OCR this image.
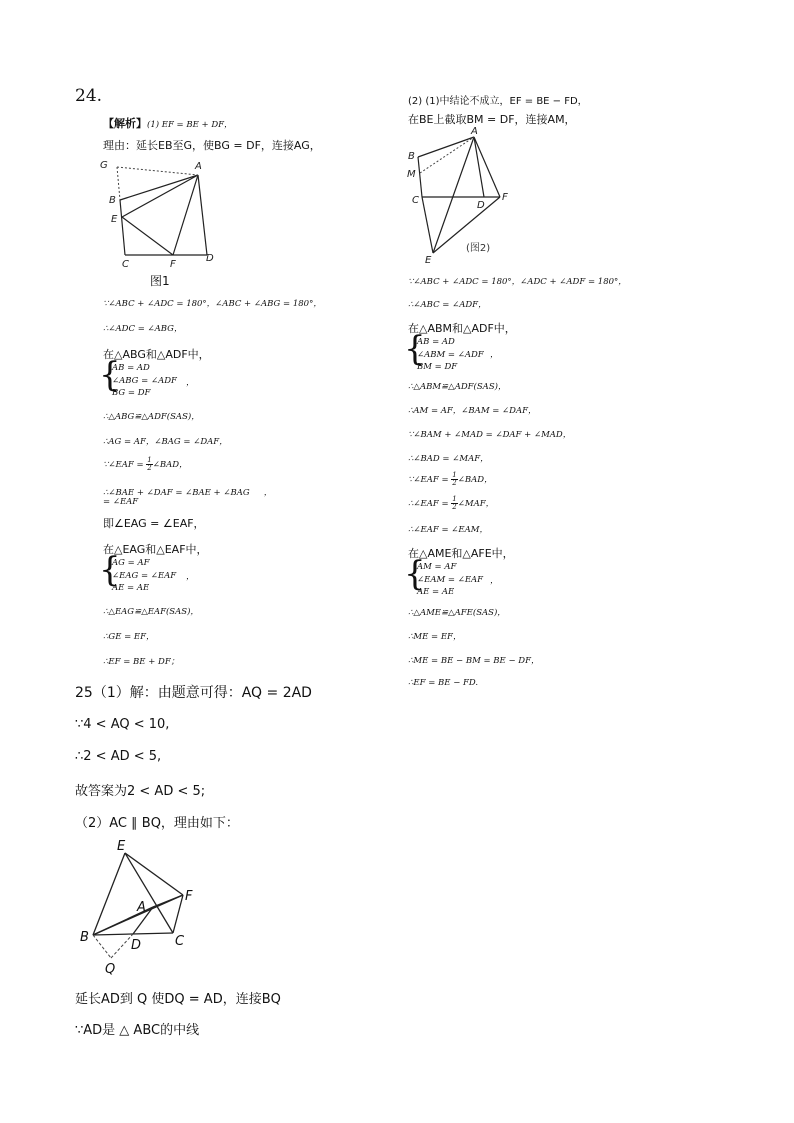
24.
【解析】(1) EF = BE + DF，
理由：延长EB至G，使BG = DF，连接AG，
G	A
B
E
C	F
D
图1
∵∠ABC + ∠ADC = 180°，∠ABC + ∠ABG = 180°，
∴∠ADC = ∠ABG，
在△ABG和△ADF中，
{
AB = AD
∠ABG = ∠ADF
BG = DF
，
∴△ABG≌△ADF(SAS)，
∴AG = AF，∠BAG = ∠DAF，
∵∠EAF = $\frac{1}{2}$ ∠BAD，
∴∠BAE + ∠DAF = ∠BAE + ∠BAG ，
= ∠EAF
即∠EAG = ∠EAF，
在△EAG和△EAF中，
{
AG = AF
∠EAG = ∠EAF
AE = AE
，
∴△EAG≌△EAF(SAS)，
∴GE = EF，
∴EF = BE + DF；
(2) (1)中结论不成立，EF = BE − FD，
在BE上截取BM = DF，连接AM，
A
B
M
C	D
F
E
(图2)
∵∠ABC + ∠ADC = 180°，∠ADC + ∠ADF = 180°，
∴∠ABC = ∠ADF，
在△ABM和△ADF中，
{
AB = AD
∠ABM = ∠ADF
BM = DF
，
∴△ABM≌△ADF(SAS)，
∴AM = AF，∠BAM = ∠DAF，
∵∠BAM + ∠MAD = ∠DAF + ∠MAD，
∴∠BAD = ∠MAF，
∵∠EAF = $\frac{1}{2}$ ∠BAD，
∴∠EAF = $\frac{1}{2}$ ∠MAF，
∴∠EAF = ∠EAM，
在△AME和△AFE中，
{
AM = AF
∠EAM = ∠EAF
AE = AE
，
∴△AME≌△AFE(SAS)，
∴ME = EF，
∴ME = BE − BM = BE − DF，
∴EF = BE − FD.
25（1）解：由题意可得：AQ = 2AD
∵4 < AQ < 10,
∴2 < AD < 5,
故答案为2 < AD < 5;
（2）AC ∥ BQ，理由如下：
E
F
A
B
D	C
Q
延长AD到 Q 使DQ = AD，连接BQ
∵AD是 △ ABC的中线
